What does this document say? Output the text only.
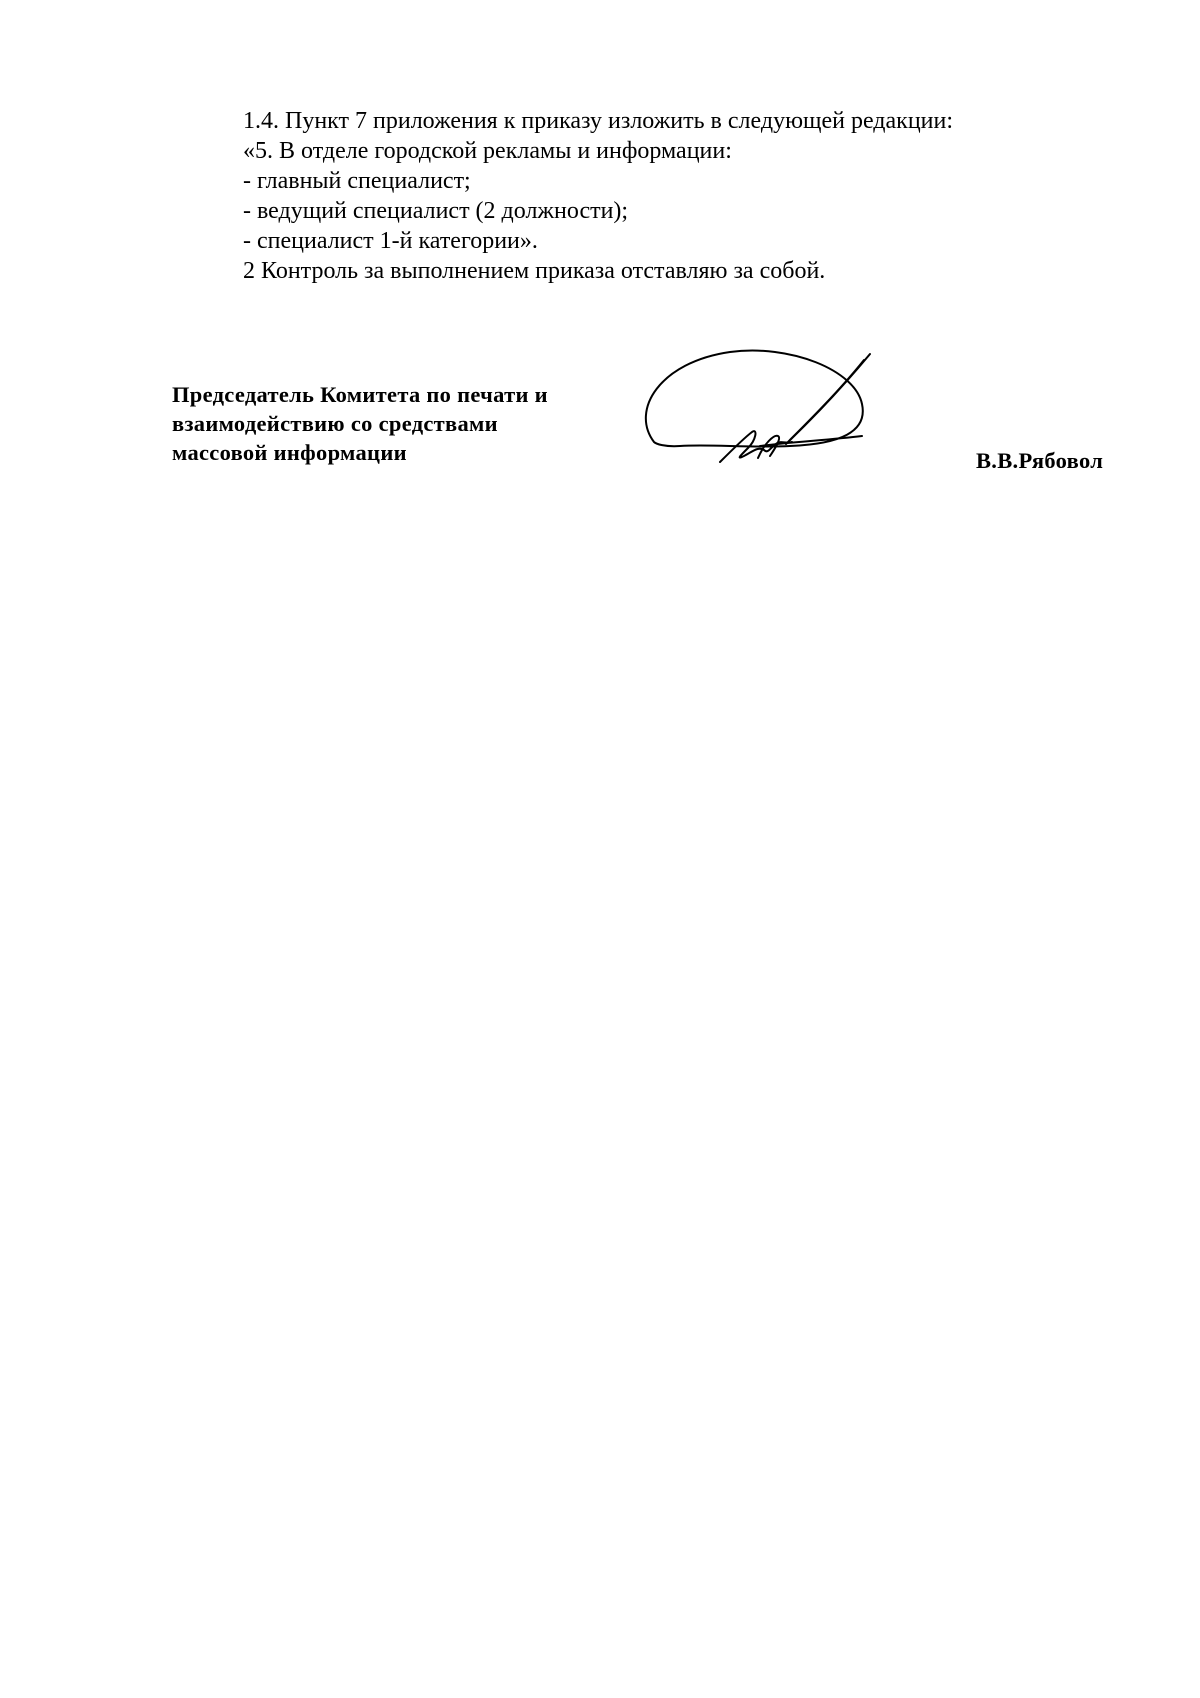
1.4. Пункт 7 приложения к приказу изложить в следующей редакции:
«5. В отделе городской рекламы и информации:
- главный специалист;
- ведущий специалист (2 должности);
- специалист 1-й категории».
2 Контроль за выполнением приказа отставляю за собой.
Председатель Комитета по печати и
взаимодействию со средствами
массовой информации	В.В.Рябовол
